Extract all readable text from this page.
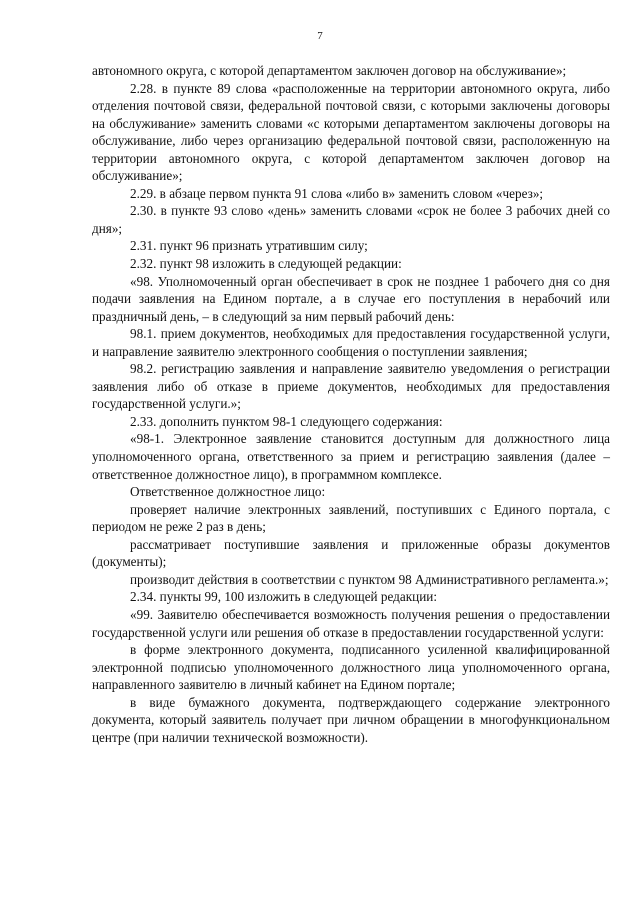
7

автономного округа, с которой департаментом заключен договор на обслуживание»;

2.28. в пункте 89 слова «расположенные на территории автономного округа, либо отделения почтовой связи, федеральной почтовой связи, с которыми заключены договоры на обслуживание» заменить словами «с которыми департаментом заключены договоры на обслуживание, либо через организацию федеральной почтовой связи, расположенную на территории автономного округа, с которой департаментом заключен договор на обслуживание»;

2.29. в абзаце первом пункта 91 слова «либо в» заменить словом «через»;

2.30. в пункте 93 слово «день» заменить словами «срок не более 3 рабочих дней со дня»;

2.31. пункт 96 признать утратившим силу;

2.32. пункт 98 изложить в следующей редакции:

«98. Уполномоченный орган обеспечивает в срок не позднее 1 рабочего дня со дня подачи заявления на Едином портале, а в случае его поступления в нерабочий или праздничный день, – в следующий за ним первый рабочий день:

98.1. прием документов, необходимых для предоставления государственной услуги, и направление заявителю электронного сообщения о поступлении заявления;

98.2. регистрацию заявления и направление заявителю уведомления о регистрации заявления либо об отказе в приеме документов, необходимых для предоставления государственной услуги.»;

2.33. дополнить пунктом 98-1 следующего содержания:

«98-1. Электронное заявление становится доступным для должностного лица уполномоченного органа, ответственного за прием и регистрацию заявления (далее – ответственное должностное лицо), в программном комплексе.

Ответственное должностное лицо:

проверяет наличие электронных заявлений, поступивших с Единого портала, с периодом не реже 2 раз в день;

рассматривает поступившие заявления и приложенные образы документов (документы);

производит действия в соответствии с пунктом 98 Административного регламента.»;

2.34. пункты 99, 100 изложить в следующей редакции:

«99. Заявителю обеспечивается возможность получения решения о предоставлении государственной услуги или решения об отказе в предоставлении государственной услуги:

в форме электронного документа, подписанного усиленной квалифицированной электронной подписью уполномоченного должностного лица уполномоченного органа, направленного заявителю в личный кабинет на Едином портале;

в виде бумажного документа, подтверждающего содержание электронного документа, который заявитель получает при личном обращении в многофункциональном центре (при наличии технической возможности).
